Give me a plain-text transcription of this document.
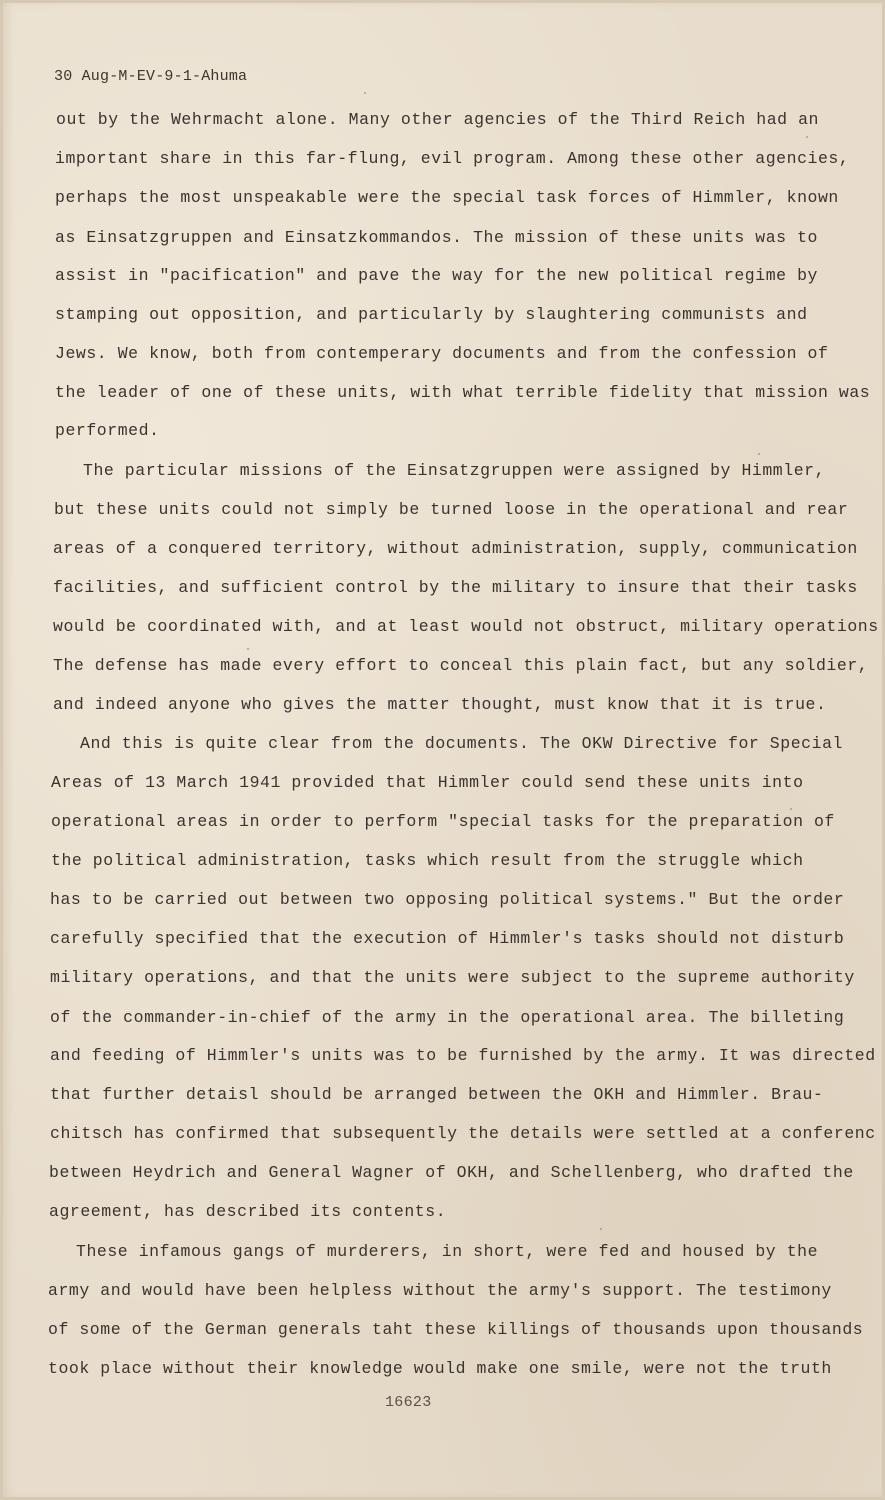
30 Aug-M-EV-9-1-Ahuma
out by the Wehrmacht alone. Many other agencies of the Third Reich had an
important share in this far-flung, evil program. Among these other agencies,
perhaps the most unspeakable were the special task forces of Himmler, known
as Einsatzgruppen and Einsatzkommandos. The mission of these units was to
assist in "pacification" and pave the way for the new political regime by
stamping out opposition, and particularly by slaughtering communists and
Jews. We know, both from contemperary documents and from the confession of
the leader of one of these units, with what terrible fidelity that mission was
performed.
The particular missions of the Einsatzgruppen were assigned by Himmler,
but these units could not simply be turned loose in the operational and rear
areas of a conquered territory, without administration, supply, communication
facilities, and sufficient control by the military to insure that their tasks
would be coordinated with, and at least would not obstruct, military operations
The defense has made every effort to conceal this plain fact, but any soldier,
and indeed anyone who gives the matter thought, must know that it is true.
And this is quite clear from the documents. The OKW Directive for Special
Areas of 13 March 1941 provided that Himmler could send these units into
operational areas in order to perform "special tasks for the preparation of
the political administration, tasks which result from the struggle which
has to be carried out between two opposing political systems." But the order
carefully specified that the execution of Himmler's tasks should not disturb
military operations, and that the units were subject to the supreme authority
of the commander-in-chief of the army in the operational area. The billeting
and feeding of Himmler's units was to be furnished by the army. It was directed
that further detaisl should be arranged between the OKH and Himmler. Brau-
chitsch has confirmed that subsequently the details were settled at a conferenc
between Heydrich and General Wagner of OKH, and Schellenberg, who drafted the
agreement, has described its contents.
These infamous gangs of murderers, in short, were fed and housed by the
army and would have been helpless without the army's support. The testimony
of some of the German generals taht these killings of thousands upon thousands
took place without their knowledge would make one smile, were not the truth
16623
